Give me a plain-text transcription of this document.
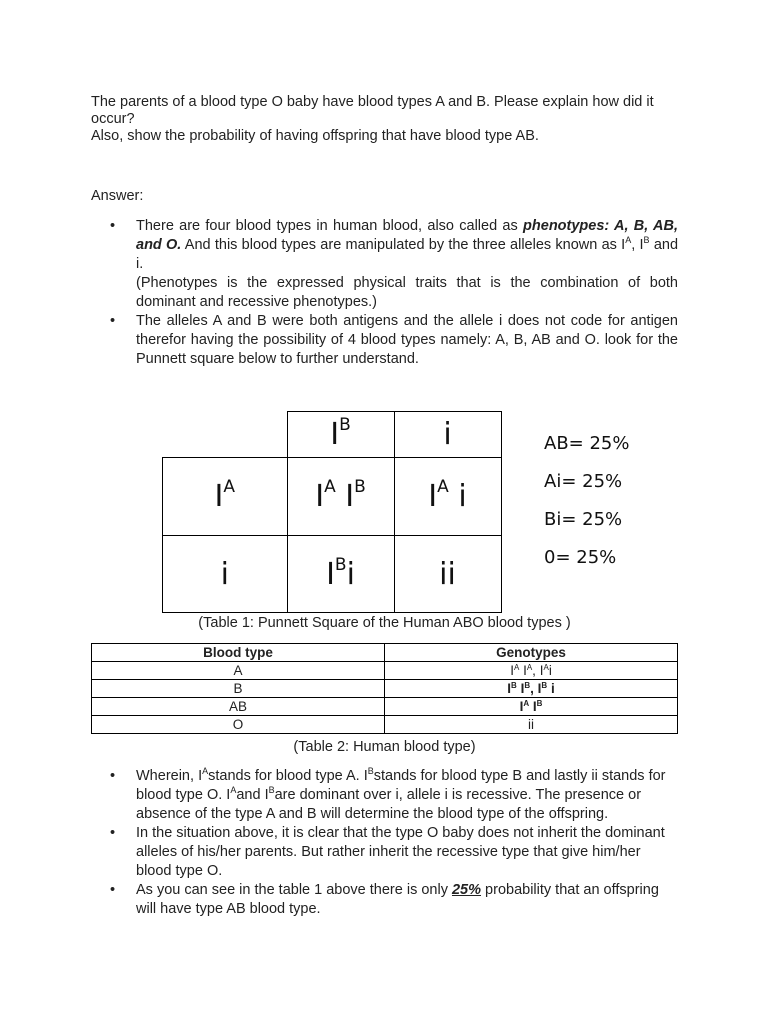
The parents of a blood type O baby have blood types A and B. Please explain how did it occur?
Also, show the probability of having offspring that have blood type AB.
Answer:
• There are four blood types in human blood, also called as phenotypes: A, B, AB, and O. And this blood types are manipulated by the three alleles known as $I^A$, $I^B$ and i.
(Phenotypes is the expressed physical traits that is the combination of both dominant and recessive phenotypes.)
• The alleles A and B were both antigens and the allele i does not code for antigen therefor having the possibility of 4 blood types namely: A, B, AB and O. look for the Punnett square below to further understand.
	$I^B$	i
$I^A$	$I^A$ $I^B$	$I^A$ i
i	$I^Bi$	ii
AB= 25%
Ai= 25%
Bi= 25%
0= 25%
(Table 1: Punnett Square of the Human ABO blood types )
Blood type	Genotypes
A	$I^A$ $I^A$, $I^Ai$
B	$I^B$ $I^B$, $I^B$ i
AB	$I^A$ $I^B$
O	ii
(Table 2: Human blood type)
• Wherein, $I^Astands$ for blood type A. $I^Bstands$ for blood type B and lastly ii stands for blood type O. $I^Aand$ $I^Bare$ dominant over i, allele i is recessive. The presence or absence of the type A and B will determine the blood type of the offspring.
• In the situation above, it is clear that the type O baby does not inherit the dominant alleles of his/her parents. But rather inherit the recessive type that give him/her blood type O.
• As you can see in the table 1 above there is only 25% probability that an offspring will have type AB blood type.
